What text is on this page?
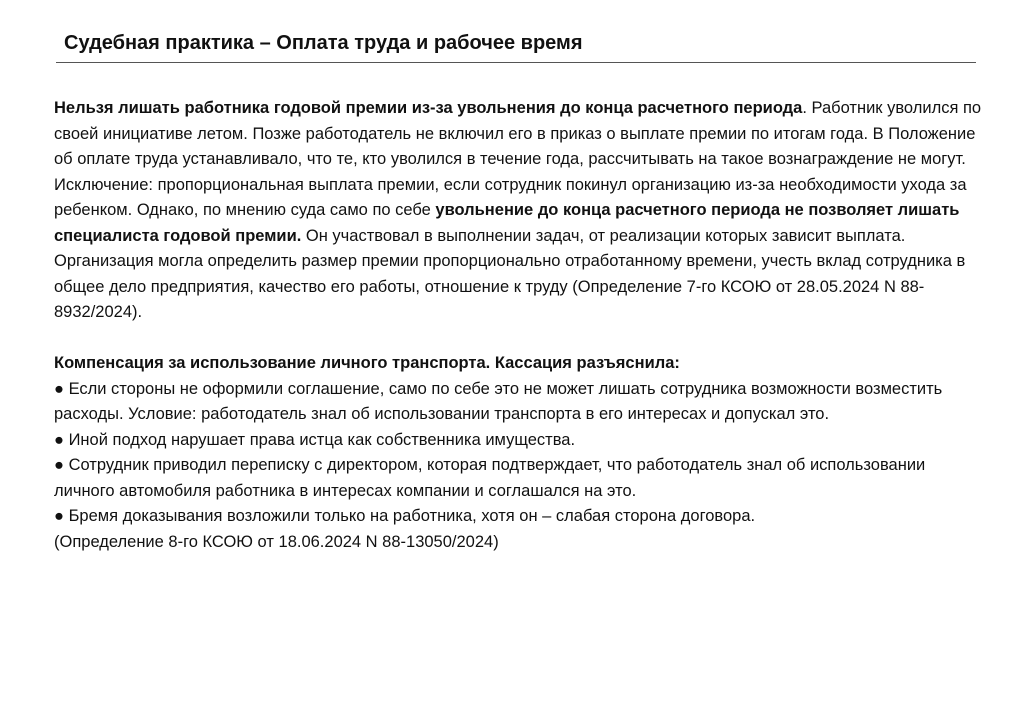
Судебная практика – Оплата труда и рабочее время

Нельзя лишать работника годовой премии из-за увольнения до конца расчетного периода. Работник уволился по своей инициативе летом. Позже работодатель не включил его в приказ о выплате премии по итогам года. В Положение об оплате труда устанавливало, что те, кто уволился в течение года, рассчитывать на такое вознаграждение не могут. Исключение: пропорциональная выплата премии, если сотрудник покинул организацию из-за необходимости ухода за ребенком. Однако, по мнению суда само по себе увольнение до конца расчетного периода не позволяет лишать специалиста годовой премии. Он участвовал в выполнении задач, от реализации которых зависит выплата. Организация могла определить размер премии пропорционально отработанному времени, учесть вклад сотрудника в общее дело предприятия, качество его работы, отношение к труду (Определение 7-го КСОЮ от 28.05.2024 N 88-8932/2024).

Компенсация за использование личного транспорта. Кассация разъяснила:

● Если стороны не оформили соглашение, само по себе это не может лишать сотрудника возможности возместить расходы. Условие: работодатель знал об использовании транспорта в его интересах и допускал это.

● Иной подход нарушает права истца как собственника имущества.

● Сотрудник приводил переписку с директором, которая подтверждает, что работодатель знал об использовании личного автомобиля работника в интересах компании и соглашался на это.

● Бремя доказывания возложили только на работника, хотя он – слабая сторона договора.

(Определение 8-го КСОЮ от 18.06.2024 N 88-13050/2024)
